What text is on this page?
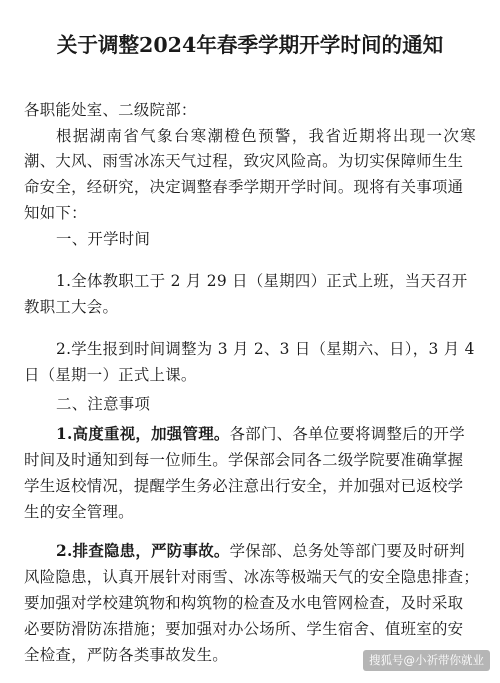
关于调整2024年春季学期开学时间的通知
各职能处室、二级院部：
根 据 湖 南 省 气 象 台 寒 潮 橙 色 预 警 ， 我 省 近 期 将 出 现 一 次 寒
潮、大风、雨雪冰冻天气过程，致灾风险高。为切实保障师生生
命安全，经研究，决定调整春季学期开学时间。现将有关事项通
知如下：
一、开学时间
1.全体教职工于 2 月 29 日（星期四）正式上班，当天召开
教职工大会。
2.学生报到时间调整为 3 月 2、3 日（星期六、日），3 月 4
日（星期一）正式上课。
二、注意事项
1.高度重视，加强管理。各部门、各单位要将调整后的开学
时间及时通知到每一位师生。学保部会同各二级学院要准确掌握
学生返校情况，提醒学生务必注意出行安全，并加强对已返校学
生的安全管理。
2.排查隐患，严防事故。学保部、总务处等部门要及时研判
风险隐患，认真开展针对雨雪、冰冻等极端天气的安全隐患排查；
要加强对学校建筑物和构筑物的检查及水电管网检查，及时采取
必要防滑防冻措施；要加强对办公场所、学生宿舍、值班室的安
全检查，严防各类事故发生。	搜狐号@小祈带你就业
